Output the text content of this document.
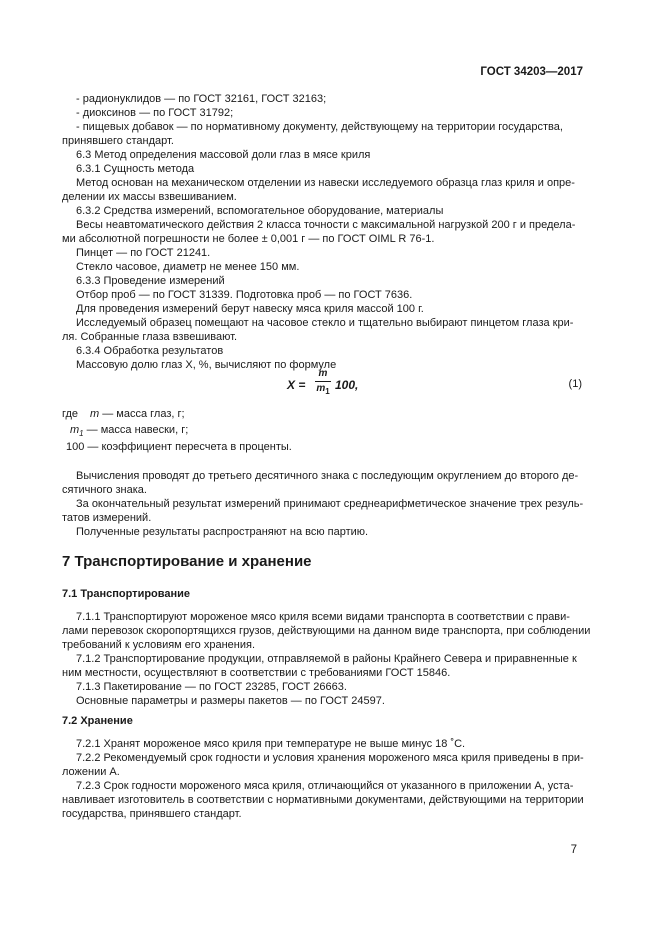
ГОСТ 34203—2017
- радионуклидов — по ГОСТ 32161, ГОСТ 32163;
- диоксинов — по ГОСТ 31792;
- пищевых добавок — по нормативному документу, действующему на территории государства,
принявшего стандарт.
6.3 Метод определения массовой доли глаз в мясе криля
6.3.1 Сущность метода
Метод основан на механическом отделении из навески исследуемого образца глаз криля и опре-
делении их массы взвешиванием.
6.3.2 Средства измерений, вспомогательное оборудование, материалы
Весы неавтоматического действия 2 класса точности с максимальной нагрузкой 200 г и предела-
ми абсолютной погрешности не более ± 0,001 г — по ГОСТ OIML R 76-1.
Пинцет — по ГОСТ 21241.
Стекло часовое, диаметр не менее 150 мм.
6.3.3 Проведение измерений
Отбор проб — по ГОСТ 31339. Подготовка проб — по ГОСТ 7636.
Для проведения измерений берут навеску мяса криля массой 100 г.
Исследуемый образец помещают на часовое стекло и тщательно выбирают пинцетом глаза кри-
ля. Собранные глаза взвешивают.
6.3.4 Обработка результатов
Массовую долю глаз X, %, вычисляют по формуле
X =
m
$m_1$ 100,	(1)
где m — масса глаз, г;
$m_1$ — масса навески, г;
100 — коэффициент пересчета в проценты.
Вычисления проводят до третьего десятичного знака с последующим округлением до второго де-
сятичного знака.
За окончательный результат измерений принимают среднеарифметическое значение трех резуль-
татов измерений.
Полученные результаты распространяют на всю партию.
7 Транспортирование и хранение
7.1 Транспортирование
7.1.1 Транспортируют мороженое мясо криля всеми видами транспорта в соответствии с прави-
лами перевозок скоропортящихся грузов, действующими на данном виде транспорта, при соблюдении
требований к условиям его хранения.
7.1.2 Транспортирование продукции, отправляемой в районы Крайнего Севера и приравненные к
ним местности, осуществляют в соответствии с требованиями ГОСТ 15846.
7.1.3 Пакетирование — по ГОСТ 23285, ГОСТ 26663.
Основные параметры и размеры пакетов — по ГОСТ 24597.
7.2 Хранение
7.2.1 Хранят мороженое мясо криля при температуре не выше минус 18 ˚С.
7.2.2 Рекомендуемый срок годности и условия хранения мороженого мяса криля приведены в при-
ложении А.
7.2.3 Срок годности мороженого мяса криля, отличающийся от указанного в приложении А, уста-
навливает изготовитель в соответствии с нормативными документами, действующими на территории
государства, принявшего стандарт.
7
